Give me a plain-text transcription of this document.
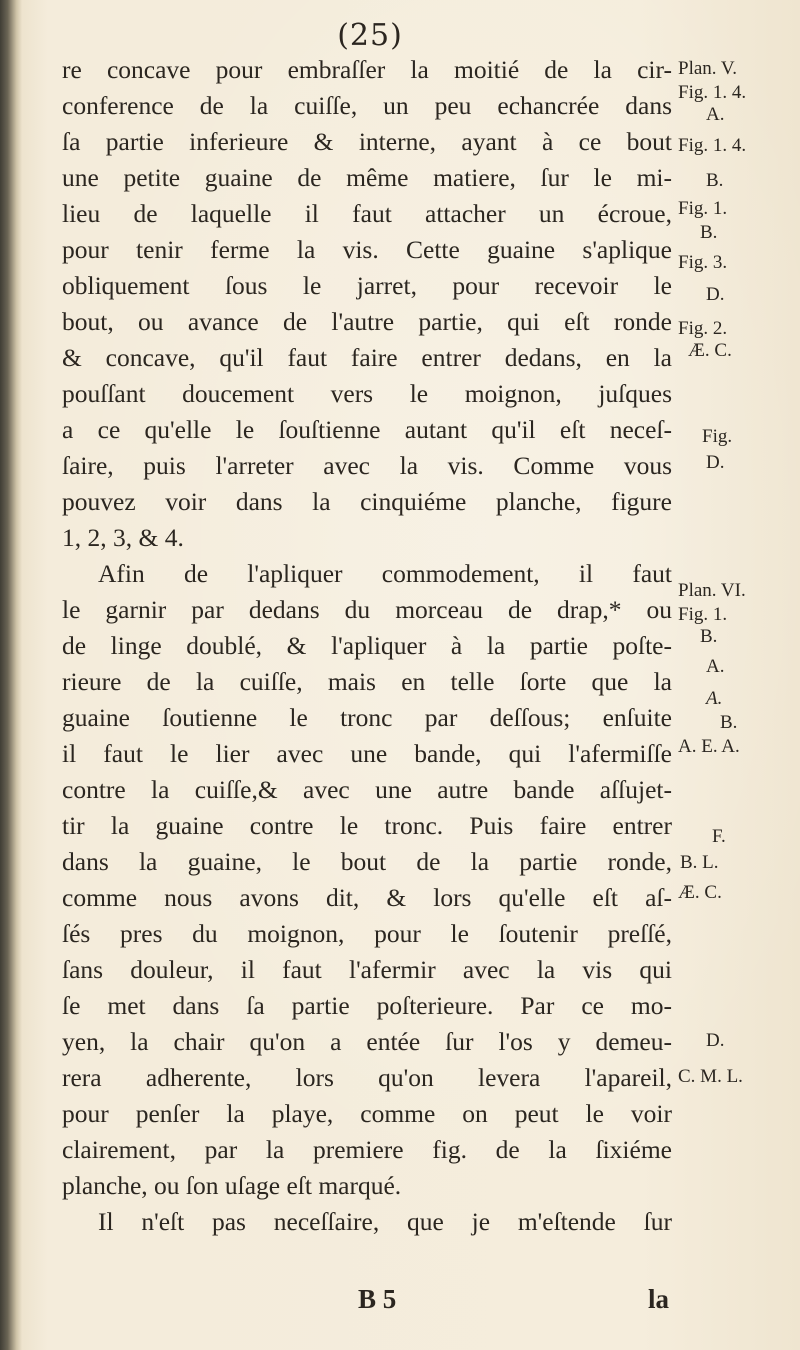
(25)
re concave pour embraſſer la moitié de la cir-
conference de la cuiſſe, un peu echancrée dans
ſa partie inferieure & interne, ayant à ce bout
une petite guaine de même matiere, ſur le mi-
lieu de laquelle il faut attacher un écroue,
pour tenir ferme la vis. Cette guaine s'aplique
obliquement ſous le jarret, pour recevoir le
bout, ou avance de l'autre partie, qui eſt ronde
& concave, qu'il faut faire entrer dedans, en la
pouſſant doucement vers le moignon, juſques
a ce qu'elle le ſouſtienne autant qu'il eſt neceſ-
ſaire, puis l'arreter avec la vis. Comme vous
pouvez voir dans la cinquiéme planche, figure
1, 2, 3, & 4.
Afin de l'apliquer commodement, il faut
le garnir par dedans du morceau de drap,* ou
de linge doublé, & l'apliquer à la partie poſte-
rieure de la cuiſſe, mais en telle ſorte que la
guaine ſoutienne le tronc par deſſous; enſuite
il faut le lier avec une bande, qui l'afermiſſe
contre la cuiſſe,& avec une autre bande aſſujet-
tir la guaine contre le tronc. Puis faire entrer
dans la guaine, le bout de la partie ronde,
comme nous avons dit, & lors qu'elle eſt aſ-
ſés pres du moignon, pour le ſoutenir preſſé,
ſans douleur, il faut l'afermir avec la vis qui
ſe met dans ſa partie poſterieure. Par ce mo-
yen, la chair qu'on a entée ſur l'os y demeu-
rera adherente, lors qu'on levera l'apareil,
pour penſer la playe, comme on peut le voir
clairement, par la premiere fig. de la ſixiéme
planche, ou ſon uſage eſt marqué.
Il n'eſt pas neceſſaire, que je m'eſtende ſur
Plan. V.
Fig. 1. 4.
A.
Fig. 1. 4.
B.
Fig. 1.
B.
Fig. 3.
D.
Fig. 2.
Æ. C.
Fig.
D.
Plan. VI.
Fig. 1.
B.
A.
A.
B.
A. E. A.
F.
B. L.
Æ. C.
D.
C. M. L.
B 5	la
